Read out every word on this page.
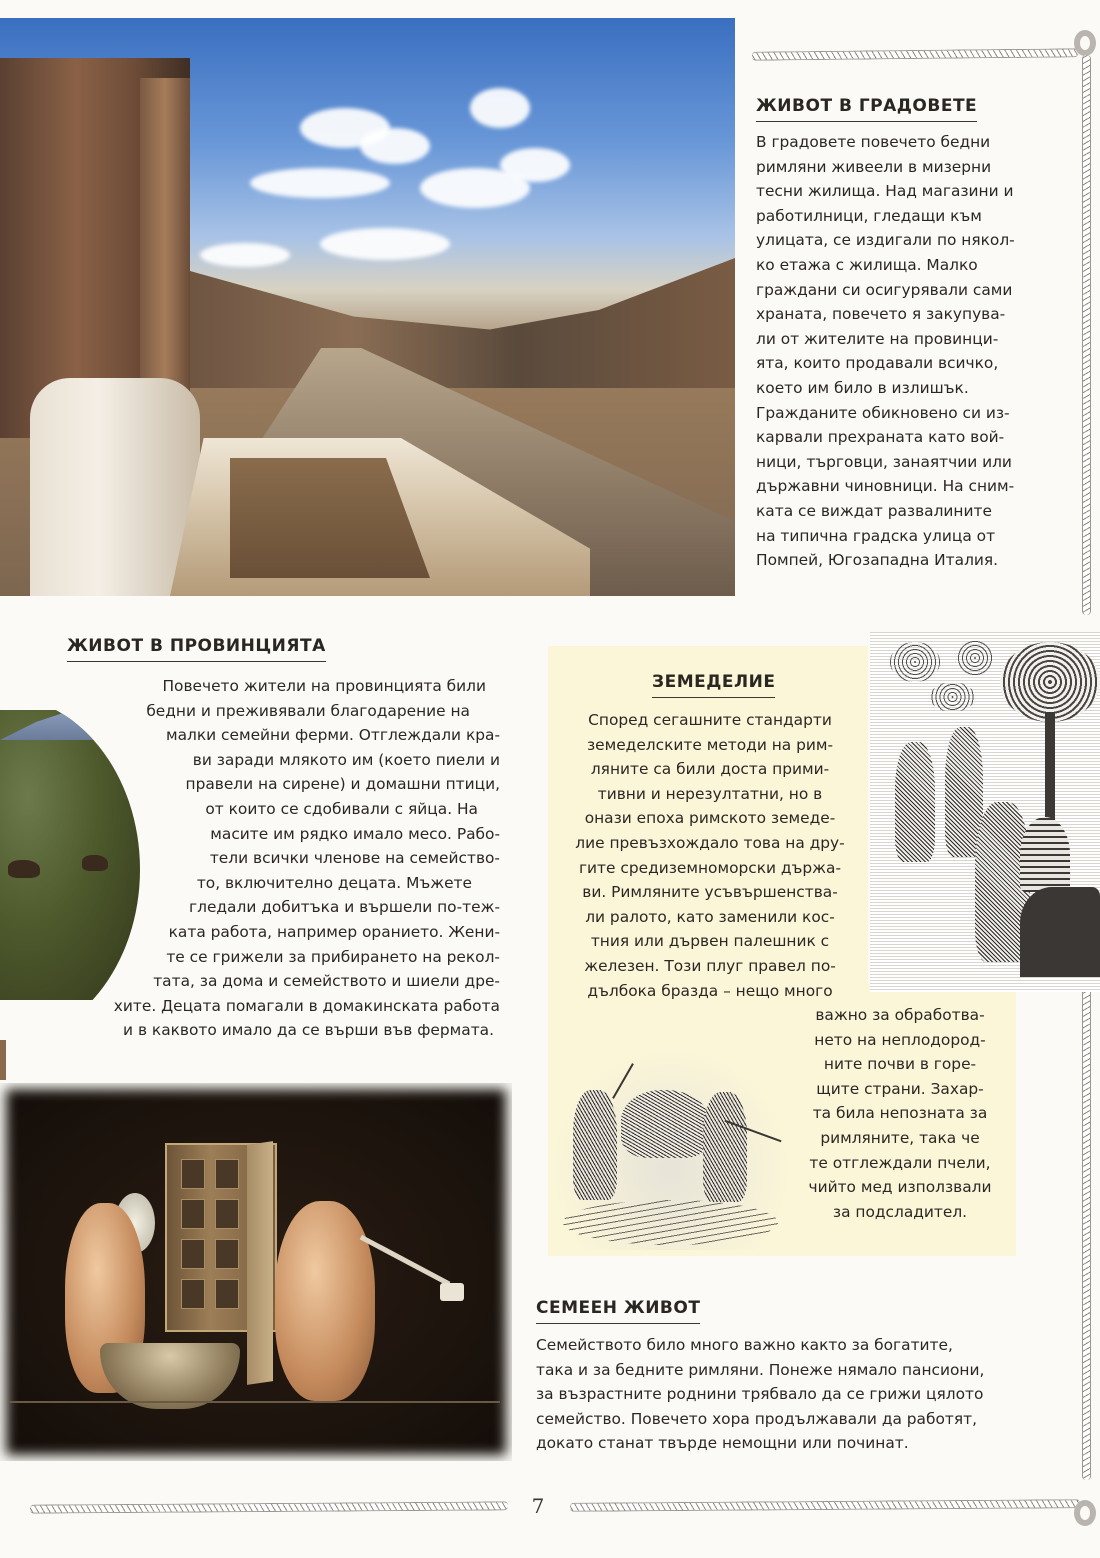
ЖИВОТ В ГРАДОВЕТЕ
В градовете повечето бедни
римляни живеели в мизерни
тесни жилища. Над магазини и
работилници, гледащи към
улицата, се издигали по някол-
ко етажа с жилища. Малко
граждани си осигурявали сами
храната, повечето я закупува-
ли от жителите на провинци-
ята, които продавали всичко,
което им било в излишък.
Гражданите обикновено си из-
карвали прехраната като вой-
ници, търговци, занаятчии или
държавни чиновници. На сним-
ката се виждат развалините
на типична градска улица от
Помпей, Югозападна Италия.
ЖИВОТ В ПРОВИНЦИЯТА
Повечето жители на провинцията били
бедни и преживявали благодарение на
малки семейни ферми. Отглеждали кра-
ви заради млякото им (което пиели и
правели на сирене) и домашни птици,
от които се сдобивали с яйца. На
масите им рядко имало месо. Рабо-
тели всички членове на семейство-
то, включително децата. Мъжете
гледали добитъка и вършели по-теж-
ката работа, например оранието. Жени-
те се грижели за прибирането на рекол-
тата, за дома и семейството и шиели дре-
хите. Децата помагали в домакинската работа
и в каквото имало да се върши във фермата.
ЗЕМЕДЕЛИЕ
Според сегашните стандарти
земеделските методи на рим-
ляните са били доста прими-
тивни и нерезултатни, но в
онази епоха римското земеде-
лие превъзхождало това на дру-
гите средиземноморски държа-
ви. Римляните усъвършенства-
ли ралото, като заменили кос-
тния или дървен палешник с
железен. Този плуг правел по-
дълбока бразда – нещо много
важно за обработва-
нето на неплодород-
ните почви в горе-
щите страни. Захар-
та била непозната за
римляните, така че
те отглеждали пчели,
чийто мед използвали
за подсладител.
СЕМЕЕН ЖИВОТ
Семейството било много важно както за богатите,
така и за бедните римляни. Понеже нямало пансиони,
за възрастните роднини трябвало да се грижи цялото
семейство. Повечето хора продължавали да работят,
докато станат твърде немощни или починат.
7
